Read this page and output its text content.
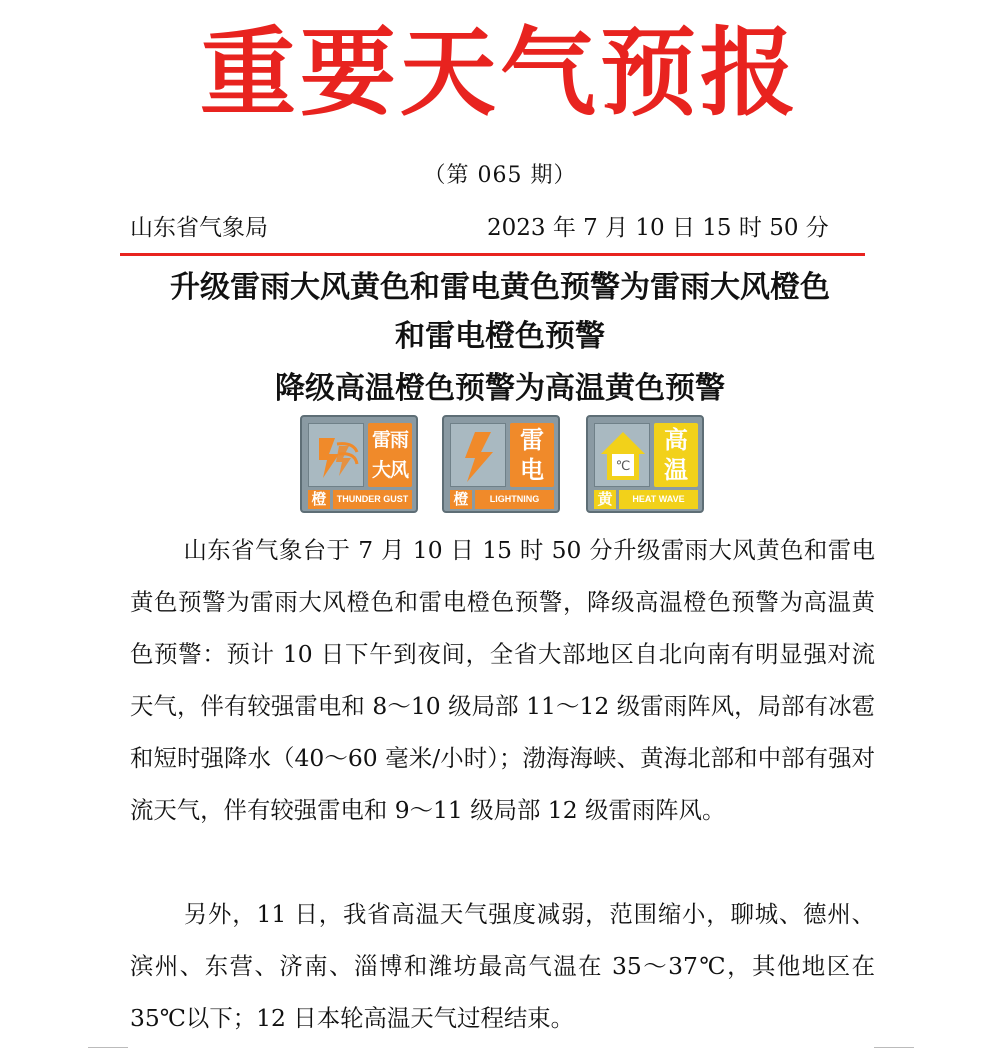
重要天气预报
（第 065 期）
山东省气象局	2023 年 7 月 10 日 15 时 50 分
升级雷雨大风黄色和雷电黄色预警为雷雨大风橙色
和雷电橙色预警
降级高温橙色预警为高温黄色预警
雷雨大风
橙	THUNDER GUST
雷电
橙	LIGHTNING
℃
高温
黄	HEAT WAVE
山东省气象台于 7 月 10 日 15 时 50 分升级雷雨大风黄色和雷电黄色预警为雷雨大风橙色和雷电橙色预警，降级高温橙色预警为高温黄色预警：预计 10 日下午到夜间，全省大部地区自北向南有明显强对流天气，伴有较强雷电和 8～10 级局部 11～12 级雷雨阵风，局部有冰雹和短时强降水（40～60 毫米/小时）；渤海海峡、黄海北部和中部有强对流天气，伴有较强雷电和 9～11 级局部 12 级雷雨阵风。
另外，11 日，我省高温天气强度减弱，范围缩小，聊城、德州、滨州、东营、济南、淄博和潍坊最高气温在 35～37℃，其他地区在 35℃以下；12 日本轮高温天气过程结束。
